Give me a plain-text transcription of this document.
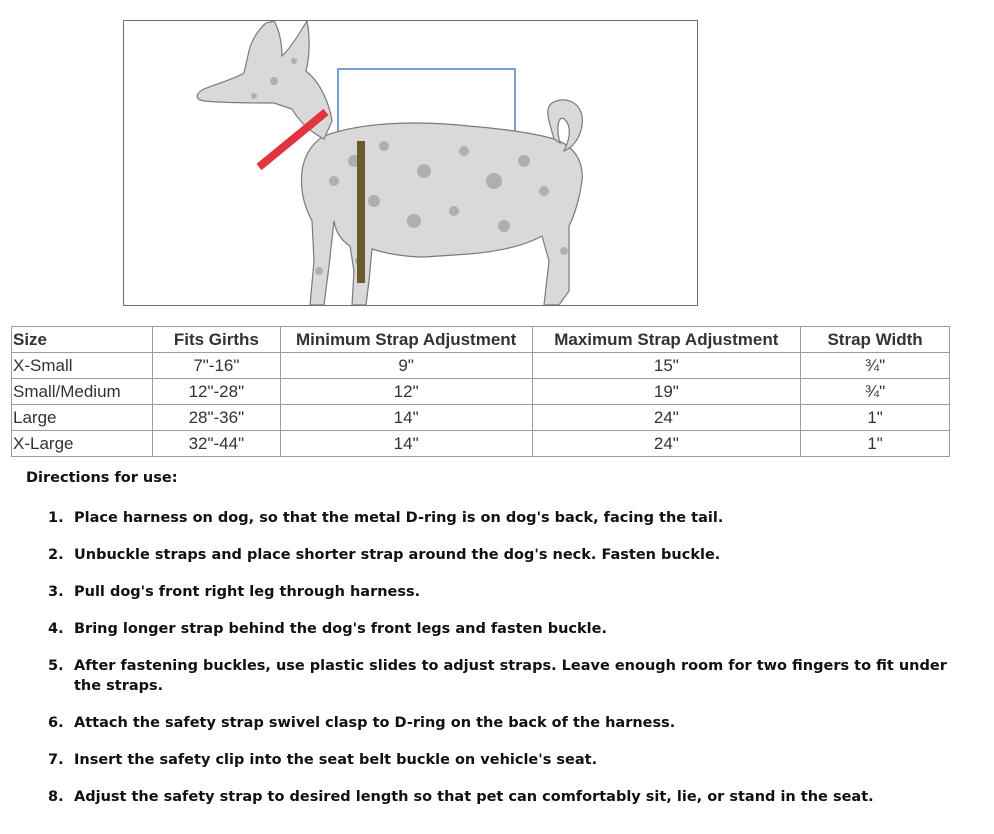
Size	Fits Girths	Minimum Strap Adjustment	Maximum Strap Adjustment	Strap Width
X-Small	7"-16"	9"	15"	¾"
Small/Medium	12"-28"	12"	19"	¾"
Large	28"-36"	14"	24"	1"
X-Large	32"-44"	14"	24"	1"

Directions for use:

1. Place harness on dog, so that the metal D-ring is on dog's back, facing the tail.
2. Unbuckle straps and place shorter strap around the dog's neck. Fasten buckle.
3. Pull dog's front right leg through harness.
4. Bring longer strap behind the dog's front legs and fasten buckle.
5. After fastening buckles, use plastic slides to adjust straps. Leave enough room for two fingers to fit under the straps.
6. Attach the safety strap swivel clasp to D-ring on the back of the harness.
7. Insert the safety clip into the seat belt buckle on vehicle's seat.
8. Adjust the safety strap to desired length so that pet can comfortably sit, lie, or stand in the seat.
